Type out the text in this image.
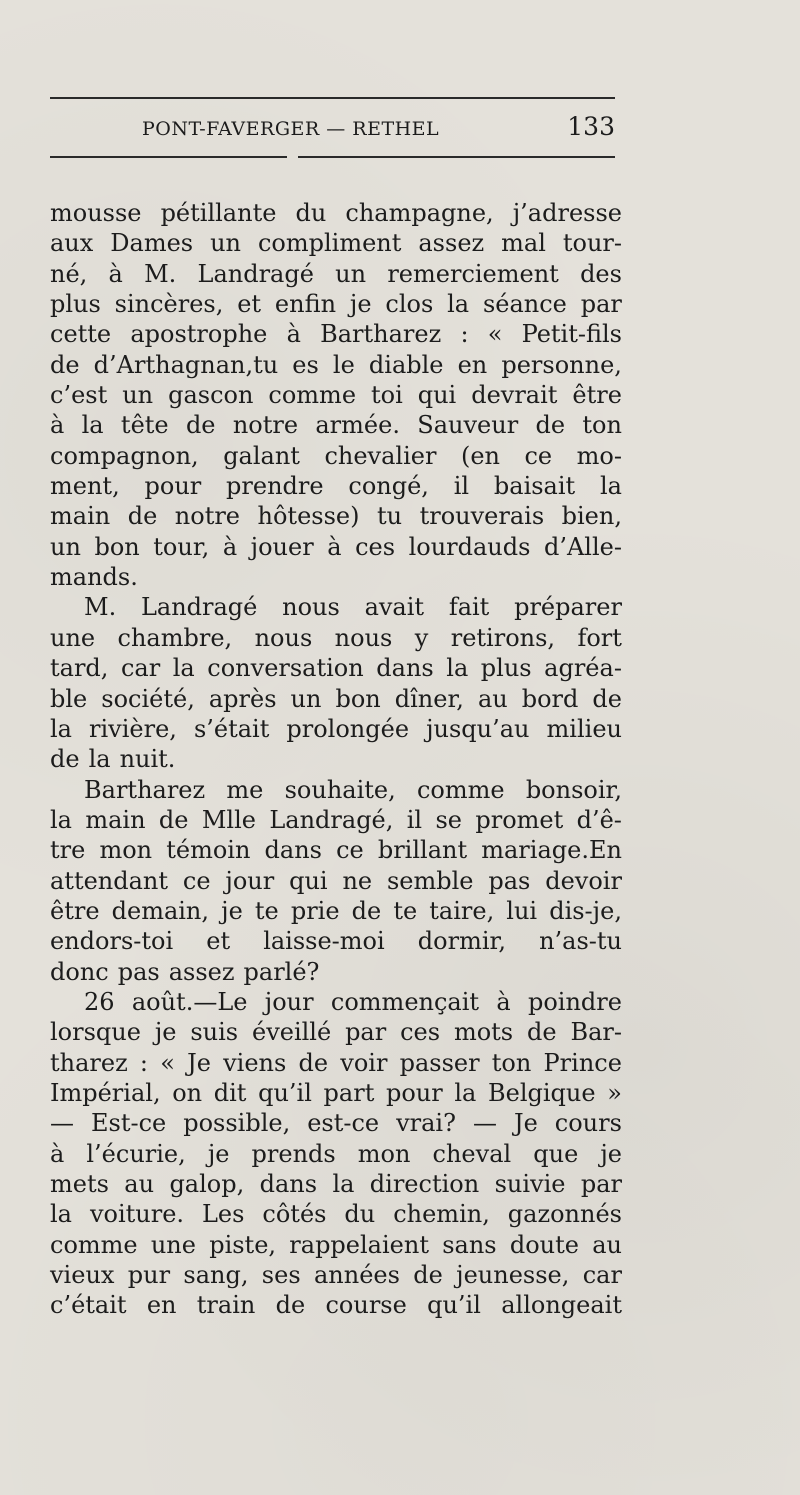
PONT-FAVERGER — RETHEL	133
mousse pétillante du champagne, j’adresse
aux Dames un compliment assez mal tour-
né, à M. Landragé un remerciement des
plus sincères, et enfin je clos la séance par
cette apostrophe à Bartharez : « Petit-fils
de d’Arthagnan,tu es le diable en personne,
c’est un gascon comme toi qui devrait être
à la tête de notre armée. Sauveur de ton
compagnon, galant chevalier (en ce mo-
ment, pour prendre congé, il baisait la
main de notre hôtesse) tu trouverais bien,
un bon tour, à jouer à ces lourdauds d’Alle-
mands.
M. Landragé nous avait fait préparer
une chambre, nous nous y retirons, fort
tard, car la conversation dans la plus agréa-
ble société, après un bon dîner, au bord de
la rivière, s’était prolongée jusqu’au milieu
de la nuit.
Bartharez me souhaite, comme bonsoir,
la main de Mlle Landragé, il se promet d’ê-
tre mon témoin dans ce brillant mariage.En
attendant ce jour qui ne semble pas devoir
être demain, je te prie de te taire, lui dis-je,
endors-toi et laisse-moi dormir, n’as-tu
donc pas assez parlé?
26 août.—Le jour commençait à poindre
lorsque je suis éveillé par ces mots de Bar-
tharez : « Je viens de voir passer ton Prince
Impérial, on dit qu’il part pour la Belgique »
— Est-ce possible, est-ce vrai? — Je cours
à l’écurie, je prends mon cheval que je
mets au galop, dans la direction suivie par
la voiture. Les côtés du chemin, gazonnés
comme une piste, rappelaient sans doute au
vieux pur sang, ses années de jeunesse, car
c’était en train de course qu’il allongeait
